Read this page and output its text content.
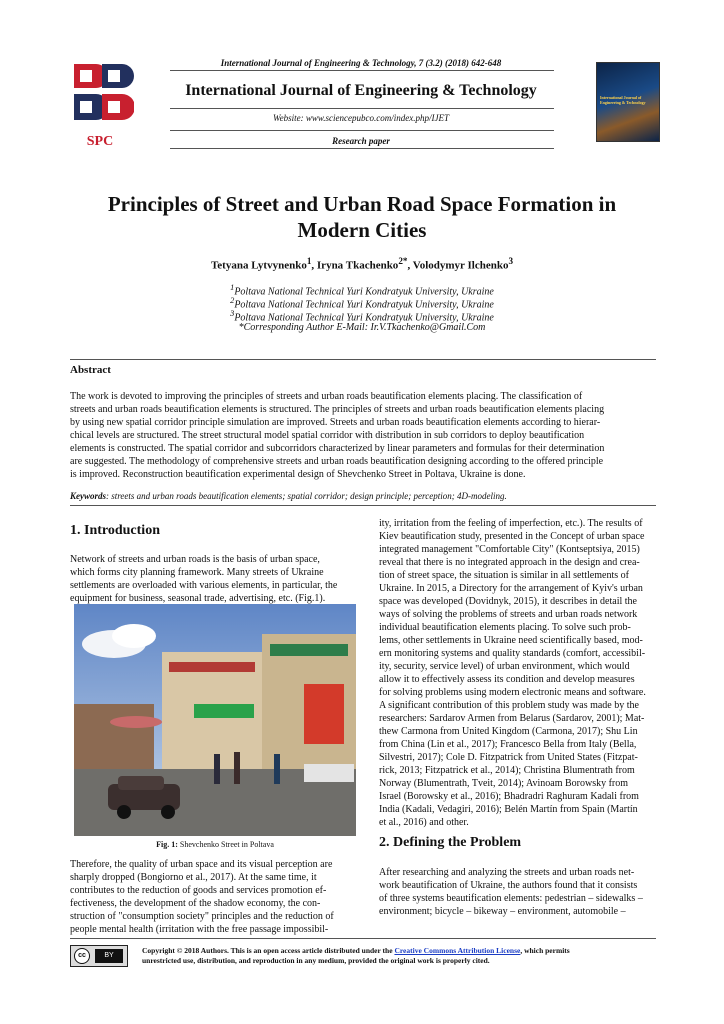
SPC
International Journal of Engineering & Technology, 7 (3.2) (2018) 642-648
International Journal of Engineering & Technology
Website: www.sciencepubco.com/index.php/IJET
Research paper
International Journal of Engineering & Technology
Principles of Street and Urban Road Space Formation in
Modern Cities
Tetyana Lytvynenko$^1$, Iryna Tkachenko$^{2*}$, Volodymyr Ilchenko$^3$
$^1$Poltava National Technical Yuri Kondratyuk University, Ukraine
$^2$Poltava National Technical Yuri Kondratyuk University, Ukraine
$^3$Poltava National Technical Yuri Kondratyuk University, Ukraine
*Corresponding Author E-Mail: Ir.V.Tkachenko@Gmail.Com
Abstract
The work is devoted to improving the principles of streets and urban roads beautification elements placing. The classification of
streets and urban roads beautification elements is structured. The principles of streets and urban roads beautification elements placing
by using new spatial corridor principle simulation are improved. Streets and urban roads beautification elements according to hierar-
chical levels are structured. The street structural model spatial corridor with distribution in sub corridors to deploy beautification
elements is constructed. The spatial corridor and subcorridors characterized by linear parameters and formulas for their determination
are suggested. The methodology of comprehensive streets and urban roads beautification designing according to the offered principle
is improved. Reconstruction beautification experimental design of Shevchenko Street in Poltava, Ukraine is done.
Keywords: streets and urban roads beautification elements; spatial corridor; design principle; perception; 4D-modeling.
1. Introduction
Network of streets and urban roads is the basis of urban space,
which forms city planning framework. Many streets of Ukraine
settlements are overloaded with various elements, in particular, the
equipment for business, seasonal trade, advertising, etc. (Fig.1).
Fig. 1: Shevchenko Street in Poltava
Therefore, the quality of urban space and its visual perception are
sharply dropped (Bongiorno et al., 2017). At the same time, it
contributes to the reduction of goods and services promotion ef-
fectiveness, the development of the shadow economy, the con-
struction of "consumption society" principles and the reduction of
people mental health (irritation with the free passage impossibil-
ity, irritation from the feeling of imperfection, etc.). The results of
Kiev beautification study, presented in the Concept of urban space
integrated management "Comfortable City" (Kontseptsiya, 2015)
reveal that there is no integrated approach in the design and crea-
tion of street space, the situation is similar in all settlements of
Ukraine. In 2015, a Directory for the arrangement of Kyiv's urban
space was developed (Dovidnyk, 2015), it describes in detail the
ways of solving the problems of streets and urban roads network
individual beautification elements placing. To solve such prob-
lems, other settlements in Ukraine need scientifically based, mod-
ern monitoring systems and quality standards (comfort, accessibil-
ity, security, service level) of urban environment, which would
allow it to effectively assess its condition and develop measures
for solving problems using modern electronic means and software.
A significant contribution of this problem study was made by the
researchers: Sardarov Armen from Belarus (Sardarov, 2001); Mat-
thew Carmona from United Kingdom (Carmona, 2017); Shu Lin
from China (Lin et al., 2017); Francesco Bella from Italy (Bella,
Silvestri, 2017); Cole D. Fitzpatrick from United States (Fitzpat-
rick, 2013; Fitzpatrick et al., 2014); Christina Blumentrath from
Norway (Blumentrath, Tveit, 2014); Avinoam Borowsky from
Israel (Borowsky et al., 2016); Bhadradri Raghuram Kadali from
India (Kadali, Vedagiri, 2016); Belén Martín from Spain (Martín
et al., 2016) and other.
2. Defining the Problem
After researching and analyzing the streets and urban roads net-
work beautification of Ukraine, the authors found that it consists
of three systems beautification elements: pedestrian – sidewalks –
environment; bicycle – bikeway – environment, automobile –
cc	BY
Copyright © 2018 Authors. This is an open access article distributed under the Creative Commons Attribution License, which permits
unrestricted use, distribution, and reproduction in any medium, provided the original work is properly cited.
